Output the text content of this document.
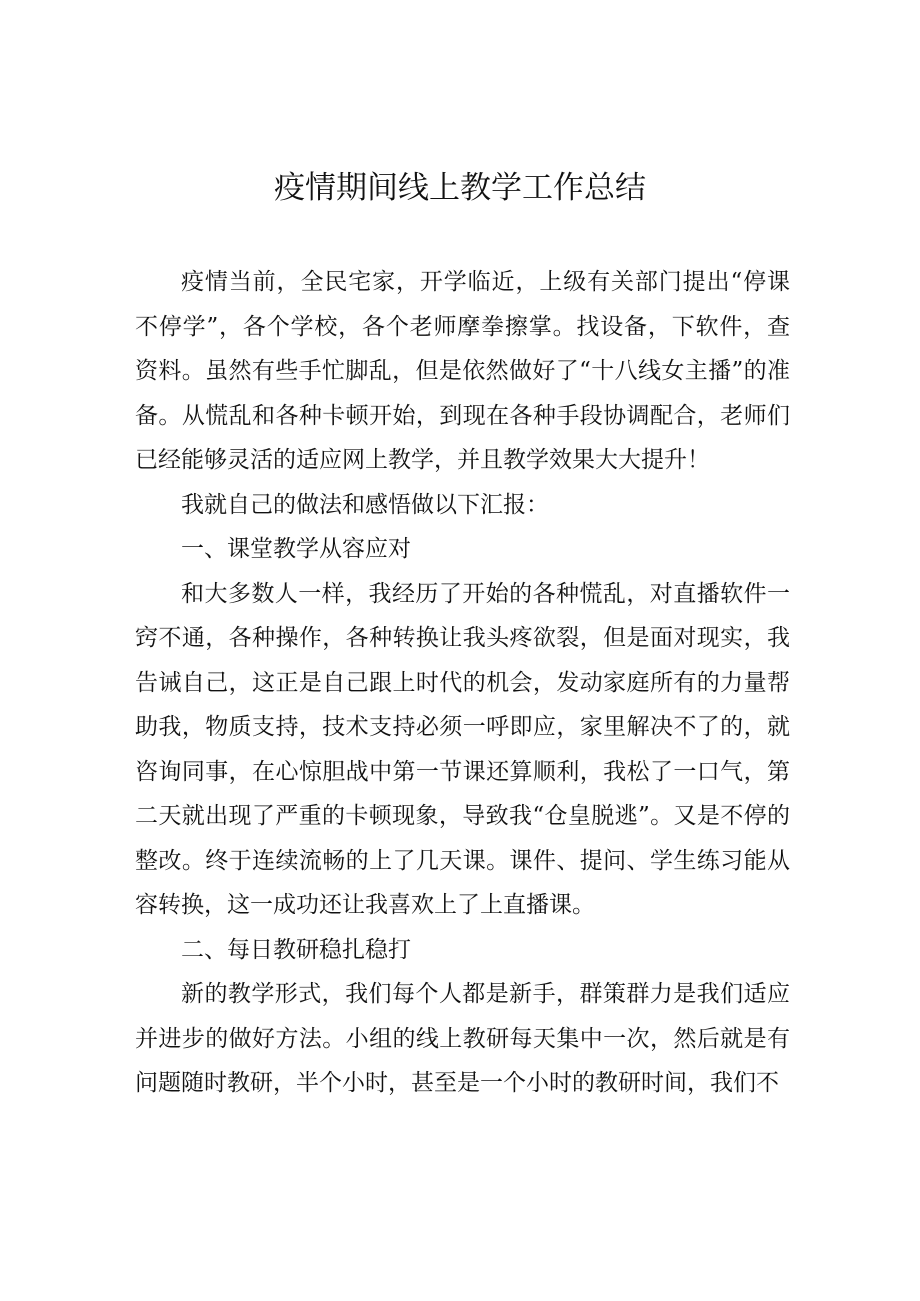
疫情期间线上教学工作总结

疫情当前，全民宅家，开学临近，上级有关部门提出“停课不停学”，各个学校，各个老师摩拳擦掌。找设备，下软件，查资料。虽然有些手忙脚乱，但是依然做好了“十八线女主播”的准备。从慌乱和各种卡顿开始，到现在各种手段协调配合，老师们已经能够灵活的适应网上教学，并且教学效果大大提升！

我就自己的做法和感悟做以下汇报：

一、课堂教学从容应对

和大多数人一样，我经历了开始的各种慌乱，对直播软件一窍不通，各种操作，各种转换让我头疼欲裂，但是面对现实，我告诫自己，这正是自己跟上时代的机会，发动家庭所有的力量帮助我，物质支持，技术支持必须一呼即应，家里解决不了的，就咨询同事，在心惊胆战中第一节课还算顺利，我松了一口气，第二天就出现了严重的卡顿现象，导致我“仓皇脱逃”。又是不停的整改。终于连续流畅的上了几天课。课件、提问、学生练习能从容转换，这一成功还让我喜欢上了上直播课。

二、每日教研稳扎稳打

新的教学形式，我们每个人都是新手，群策群力是我们适应并进步的做好方法。小组的线上教研每天集中一次，然后就是有问题随时教研，半个小时，甚至是一个小时的教研时间，我们不
